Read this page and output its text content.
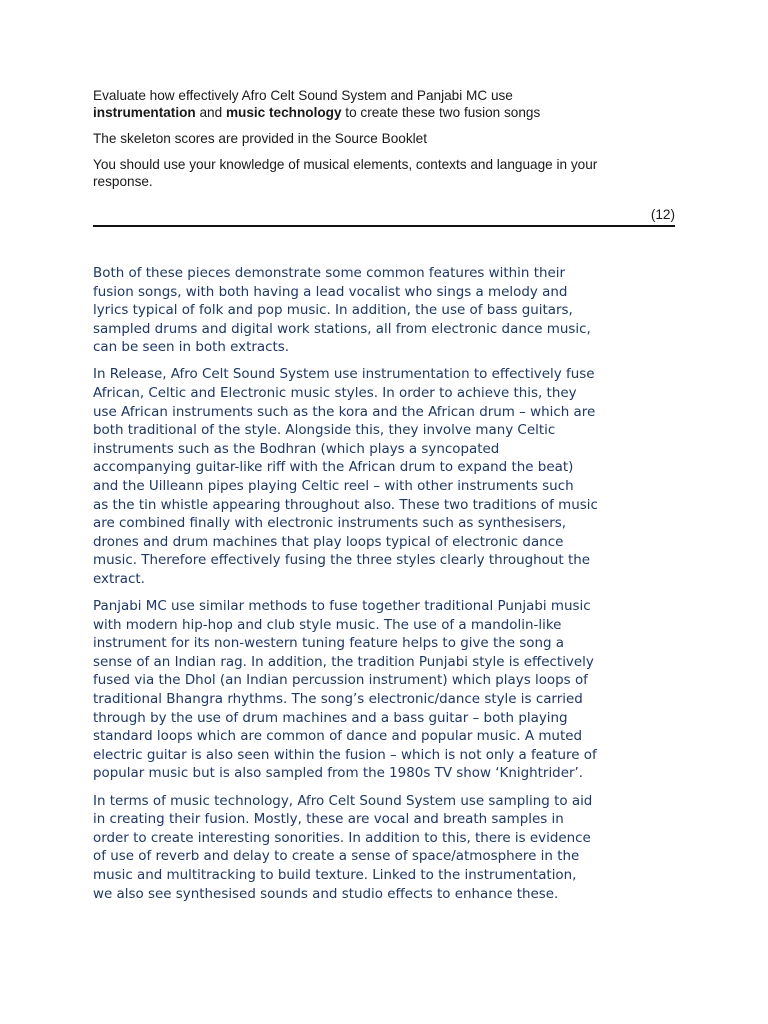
Evaluate how effectively Afro Celt Sound System and Panjabi MC use

instrumentation and music technology to create these two fusion songs

The skeleton scores are provided in the Source Booklet

You should use your knowledge of musical elements, contexts and language in your
response.

(12)

Both of these pieces demonstrate some common features within their
fusion songs, with both having a lead vocalist who sings a melody and
lyrics typical of folk and pop music. In addition, the use of bass guitars,
sampled drums and digital work stations, all from electronic dance music,
can be seen in both extracts.

In Release, Afro Celt Sound System use instrumentation to effectively fuse
African, Celtic and Electronic music styles. In order to achieve this, they
use African instruments such as the kora and the African drum – which are
both traditional of the style. Alongside this, they involve many Celtic
instruments such as the Bodhran (which plays a syncopated
accompanying guitar-like riff with the African drum to expand the beat)
and the Uilleann pipes playing Celtic reel – with other instruments such
as the tin whistle appearing throughout also. These two traditions of music
are combined finally with electronic instruments such as synthesisers,
drones and drum machines that play loops typical of electronic dance
music. Therefore effectively fusing the three styles clearly throughout the
extract.

Panjabi MC use similar methods to fuse together traditional Punjabi music
with modern hip-hop and club style music. The use of a mandolin-like
instrument for its non-western tuning feature helps to give the song a
sense of an Indian rag. In addition, the tradition Punjabi style is effectively
fused via the Dhol (an Indian percussion instrument) which plays loops of
traditional Bhangra rhythms. The song’s electronic/dance style is carried
through by the use of drum machines and a bass guitar – both playing
standard loops which are common of dance and popular music. A muted
electric guitar is also seen within the fusion – which is not only a feature of
popular music but is also sampled from the 1980s TV show ‘Knightrider’.

In terms of music technology, Afro Celt Sound System use sampling to aid
in creating their fusion. Mostly, these are vocal and breath samples in
order to create interesting sonorities. In addition to this, there is evidence
of use of reverb and delay to create a sense of space/atmosphere in the
music and multitracking to build texture. Linked to the instrumentation,
we also see synthesised sounds and studio effects to enhance these.
